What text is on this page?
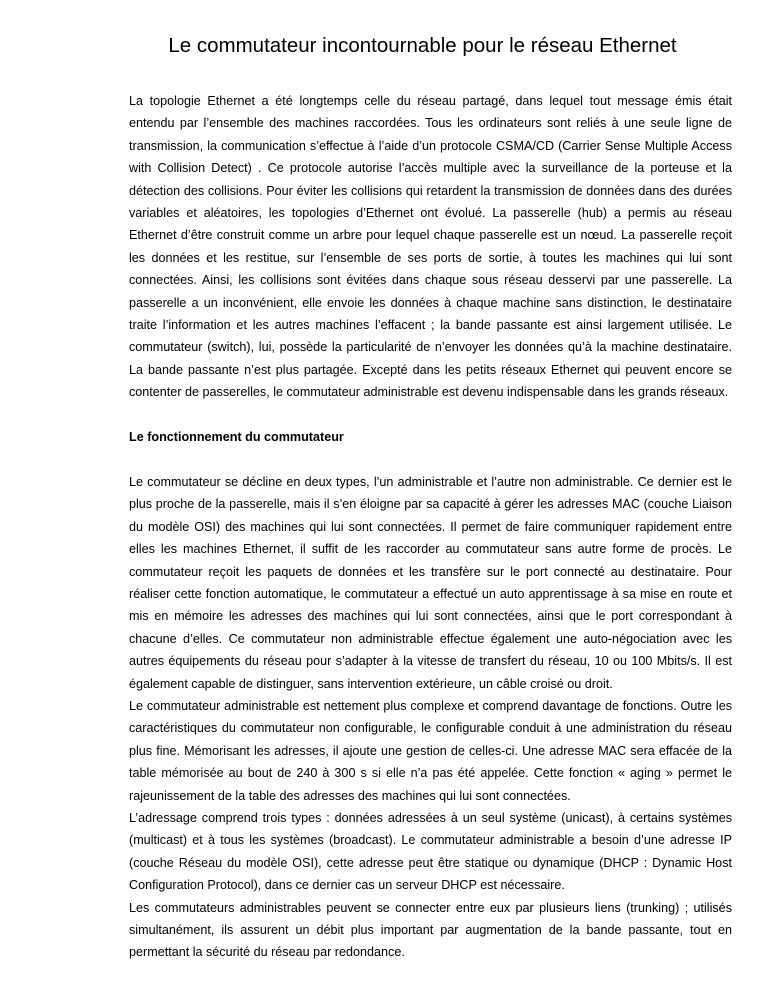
Le commutateur incontournable pour le réseau Ethernet

La topologie Ethernet a été longtemps celle du réseau partagé, dans lequel tout message émis était entendu par l’ensemble des machines raccordées. Tous les ordinateurs sont reliés à une seule ligne de transmission, la communication s’effectue à l’aide d’un protocole CSMA/CD (Carrier Sense Multiple Access with Collision Detect) . Ce protocole autorise l’accès multiple avec la surveillance de la porteuse et la détection des collisions. Pour éviter les collisions qui retardent la transmission de données dans des durées variables et aléatoires, les topologies d’Ethernet ont évolué. La passerelle (hub) a permis au réseau Ethernet d’être construit comme un arbre pour lequel chaque passerelle est un nœud. La passerelle reçoit les données et les restitue, sur l’ensemble de ses ports de sortie, à toutes les machines qui lui sont connectées. Ainsi, les collisions sont évitées dans chaque sous réseau desservi par une passerelle. La passerelle a un inconvénient, elle envoie les données à chaque machine sans distinction, le destinataire traite l’information et les autres machines l’effacent ; la bande passante est ainsi largement utilisée. Le commutateur (switch), lui, possède la particularité de n’envoyer les données qu’à la machine destinataire. La bande passante n’est plus partagée. Excepté dans les petits réseaux Ethernet qui peuvent encore se contenter de passerelles, le commutateur administrable est devenu indispensable dans les grands réseaux.

Le fonctionnement du commutateur

Le commutateur se décline en deux types, l’un administrable et l’autre non administrable. Ce dernier est le plus proche de la passerelle, mais il s’en éloigne par sa capacité à gérer les adresses MAC (couche Liaison du modèle OSI) des machines qui lui sont connectées. Il permet de faire communiquer rapidement entre elles les machines Ethernet, il suffit de les raccorder au commutateur sans autre forme de procès. Le commutateur reçoit les paquets de données et les transfère sur le port connecté au destinataire. Pour réaliser cette fonction automatique, le commutateur a effectué un auto apprentissage à sa mise en route et mis en mémoire les adresses des machines qui lui sont connectées, ainsi que le port correspondant à chacune d’elles. Ce commutateur non administrable effectue également une auto-négociation avec les autres équipements du réseau pour s’adapter à la vitesse de transfert du réseau, 10 ou 100 Mbits/s. Il est également capable de distinguer, sans intervention extérieure, un câble croisé ou droit.

Le commutateur administrable est nettement plus complexe et comprend davantage de fonctions. Outre les caractéristiques du commutateur non configurable, le configurable conduit à une administration du réseau plus fine. Mémorisant les adresses, il ajoute une gestion de celles-ci. Une adresse MAC sera effacée de la table mémorisée au bout de 240 à 300 s si elle n’a pas été appelée. Cette fonction « aging » permet le rajeunissement de la table des adresses des machines qui lui sont connectées.

L’adressage comprend trois types : données adressées à un seul système (unicast), à certains systèmes (multicast) et à tous les systèmes (broadcast). Le commutateur administrable a besoin d’une adresse IP (couche Réseau du modèle OSI), cette adresse peut être statique ou dynamique (DHCP : Dynamic Host Configuration Protocol), dans ce dernier cas un serveur DHCP est nécessaire.

Les commutateurs administrables peuvent se connecter entre eux par plusieurs liens (trunking) ; utilisés simultanément, ils assurent un débit plus important par augmentation de la bande passante, tout en permettant la sécurité du réseau par redondance.
